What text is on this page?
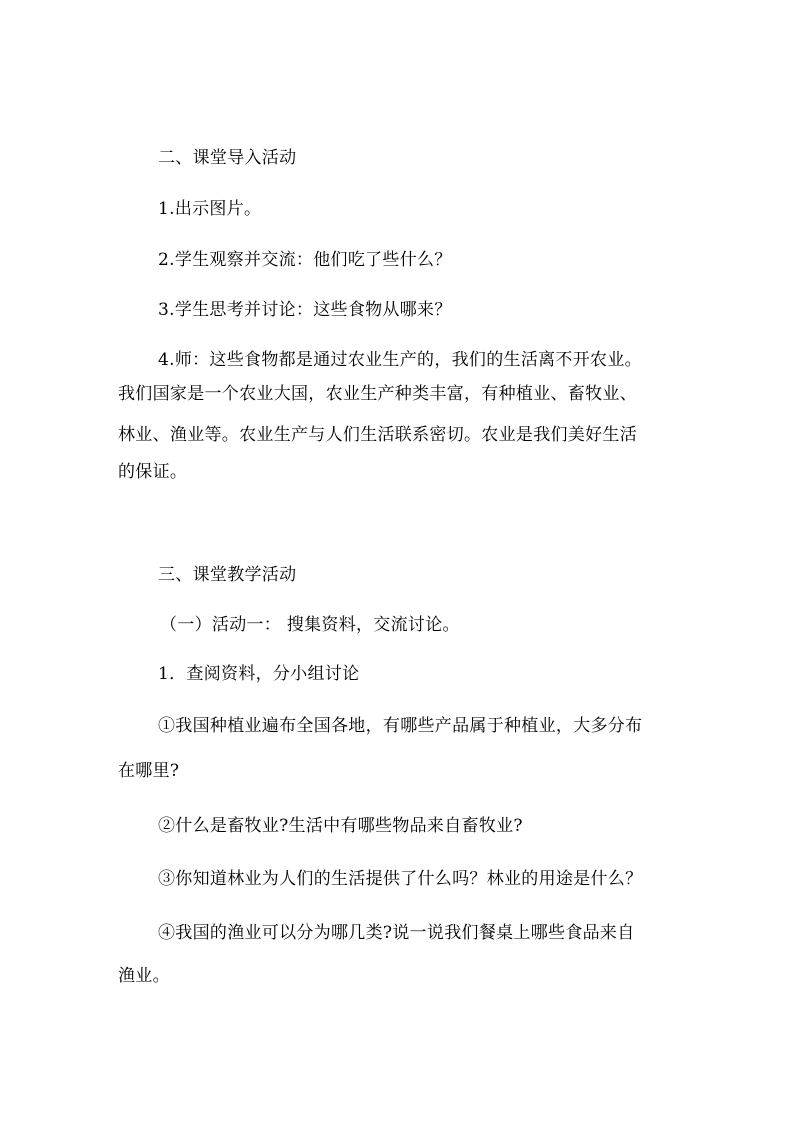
二、课堂导入活动
1.出示图片。
2.学生观察并交流：他们吃了些什么？
3.学生思考并讨论：这些食物从哪来？
4.师：这些食物都是通过农业生产的，我们的生活离不开农业。
我们国家是一个农业大国，农业生产种类丰富，有种植业、畜牧业、
林业、渔业等。农业生产与人们生活联系密切。农业是我们美好生活
的保证。
三、课堂教学活动
（一）活动一： 搜集资料，交流讨论。
1．查阅资料，分小组讨论
①我国种植业遍布全国各地，有哪些产品属于种植业，大多分布
在哪里?
②什么是畜牧业?生活中有哪些物品来自畜牧业?
③你知道林业为人们的生活提供了什么吗？林业的用途是什么？
④我国的渔业可以分为哪几类?说一说我们餐桌上哪些食品来自
渔业。
